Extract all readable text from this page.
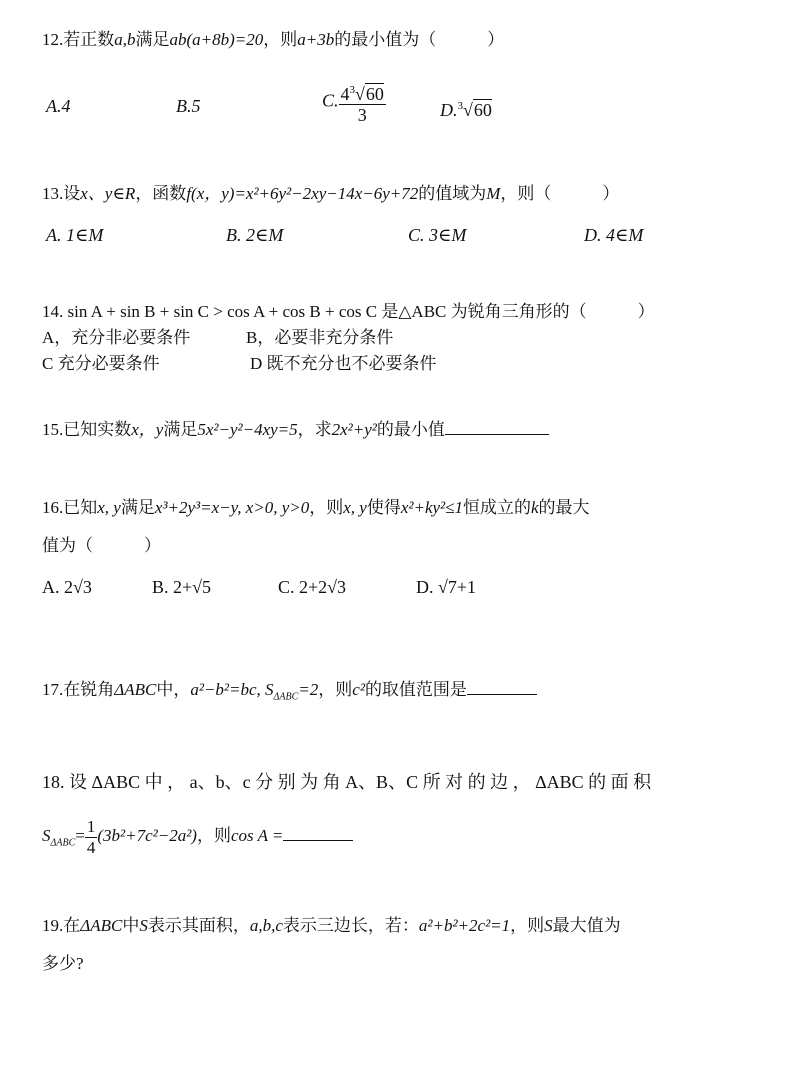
12.若正数a,b满足ab(a+8b)=20，则a+3b的最小值为（　　　）
A.4	B.5	C. $\frac{4^3√60}{3}$	D.$^3$√60
13.设x、y∈R，函数f(x，y)=x²+6y²−2xy−14x−6y+72的值域为M，则（　　　）
A. 1∈M	B. 2∈M	C. 3∈M	D. 4∈M
14. sin A + sin B + sin C > cos A + cos B + cos C 是△ABC 为锐角三角形的（　　　）
A，充分非必要条件	B，必要非充分条件
C 充分必要条件	D 既不充分也不必要条件
15.已知实数x，y满足5x²−y²−4xy=5，求2x²+y²的最小值
16.已知x, y满足x³+2y³=x−y, x>0, y>0，则x, y使得x²+ky²≤1恒成立的k的最大
值为（　　　）
A. 2√3	B. 2+√5	C. 2+2√3	D. √7+1
17.在锐角ΔABC中，a²−b²=bc, $S_{\Delta ABC}=2$，则c²的取值范围是
18. 设 ΔABC 中 ， a、b、c 分 别 为 角 A、B、C 所 对 的 边 ， ΔABC 的 面 积
$S_{\Delta ABC}= \frac{1}{4} (3b^2+7c^2-2a^2)$，则cos A =
19.在ΔABC中S表示其面积，a,b,c表示三边长，若：a²+b²+2c²=1，则S最大值为
多少?
